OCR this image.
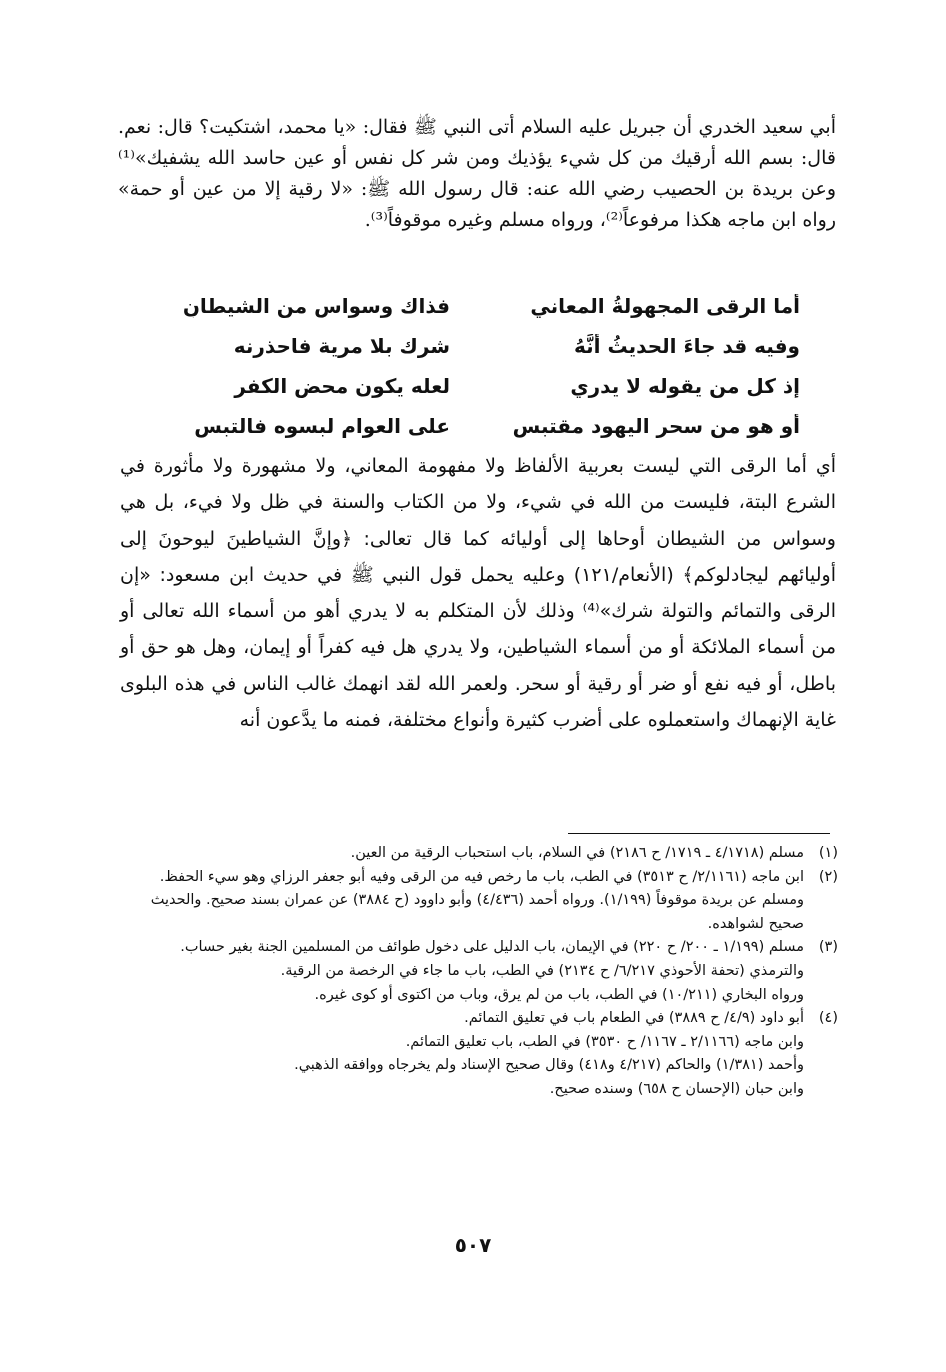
أبي سعيد الخدري أن جبريل عليه السلام أتى النبي ﷺ فقال: «يا محمد، اشتكيت؟ قال: نعم. قال: بسم الله أرقيك من كل شيء يؤذيك ومن شر كل نفس أو عين حاسد الله يشفيك»⁽¹⁾ وعن بريدة بن الحصيب رضي الله عنه: قال رسول الله ﷺ: «لا رقية إلا من عين أو حمة» رواه ابن ماجه هكذا مرفوعاً⁽²⁾، ورواه مسلم وغيره موقوفاً⁽³⁾.

أما الرقى المجهولةُ المعاني
فذاك وسواس من الشيطانِ
وفيه قد جاءَ الحديثُ أنَّهُ
شرك بلا مرية فاحذرنه
إذ كل من يقوله لا يدري
لعله يكون محض الكفر
أو هو من سحر اليهود مقتبس
على العوام لبسوه فالتبس

أي أما الرقى التي ليست بعربية الألفاظ ولا مفهومة المعاني، ولا مشهورة ولا مأثورة في الشرع البتة، فليست من الله في شيء، ولا من الكتاب والسنة في ظل ولا فيء، بل هي وسواس من الشيطان أوحاها إلى أوليائه كما قال تعالى: ﴿وإنَّ الشياطينَ ليوحونَ إلى أوليائهم ليجادلوكم﴾ (الأنعام/١٢١) وعليه يحمل قول النبي ﷺ في حديث ابن مسعود: «إن الرقى والتمائم والتولة شرك»⁽⁴⁾ وذلك لأن المتكلم به لا يدري أهو من أسماء الله تعالى أو من أسماء الملائكة أو من أسماء الشياطين، ولا يدري هل فيه كفراً أو إيمان، وهل هو حق أو باطل، أو فيه نفع أو ضر أو رقية أو سحر. ولعمر الله لقد انهمك غالب الناس في هذه البلوى غاية الإنهماك واستعملوه على أضرب كثيرة وأنواع مختلفة، فمنه ما يدَّعون أنه

(١)
مسلم (٤/١٧١٨ ـ ١٧١٩/ ح ٢١٨٦) في السلام، باب استحباب الرقية من العين.
(٢)
ابن ماجه (٢/١١٦١/ ح ٣٥١٣) في الطب، باب ما رخص فيه من الرقى وفيه أبو جعفر الرزاي وهو سيء الحفظ. ومسلم عن بريدة موقوفاً (١/١٩٩). ورواه أحمد (٤/٤٣٦) وأبو داوود (ح ٣٨٨٤) عن عمران بسند صحيح. والحديث صحيح لشواهده.
(٣)
مسلم (١/١٩٩ ـ ٢٠٠/ ح ٢٢٠) في الإيمان، باب الدليل على دخول طوائف من المسلمين الجنة بغير حساب.
والترمذي (تحفة الأحوذي ٦/٢١٧/ ح ٢١٣٤) في الطب، باب ما جاء في الرخصة من الرقية.
ورواه البخاري (١٠/٢١١) في الطب، باب من لم يرق، وباب من اكتوى أو كوى غيره.
(٤)
أبو داود (٤/٩/ ح ٣٨٨٩) في الطعام باب في تعليق التمائم.
وابن ماجه (٢/١١٦٦ ـ ١١٦٧/ ح ٣٥٣٠) في الطب، باب تعليق التمائم.
وأحمد (١/٣٨١) والحاكم (٤/٢١٧ و٤١٨) وقال صحيح الإسناد ولم يخرجاه ووافقه الذهبي.
وابن حبان (الإحسان ح ٦٥٨) وسنده صحيح.
٥٠٧
